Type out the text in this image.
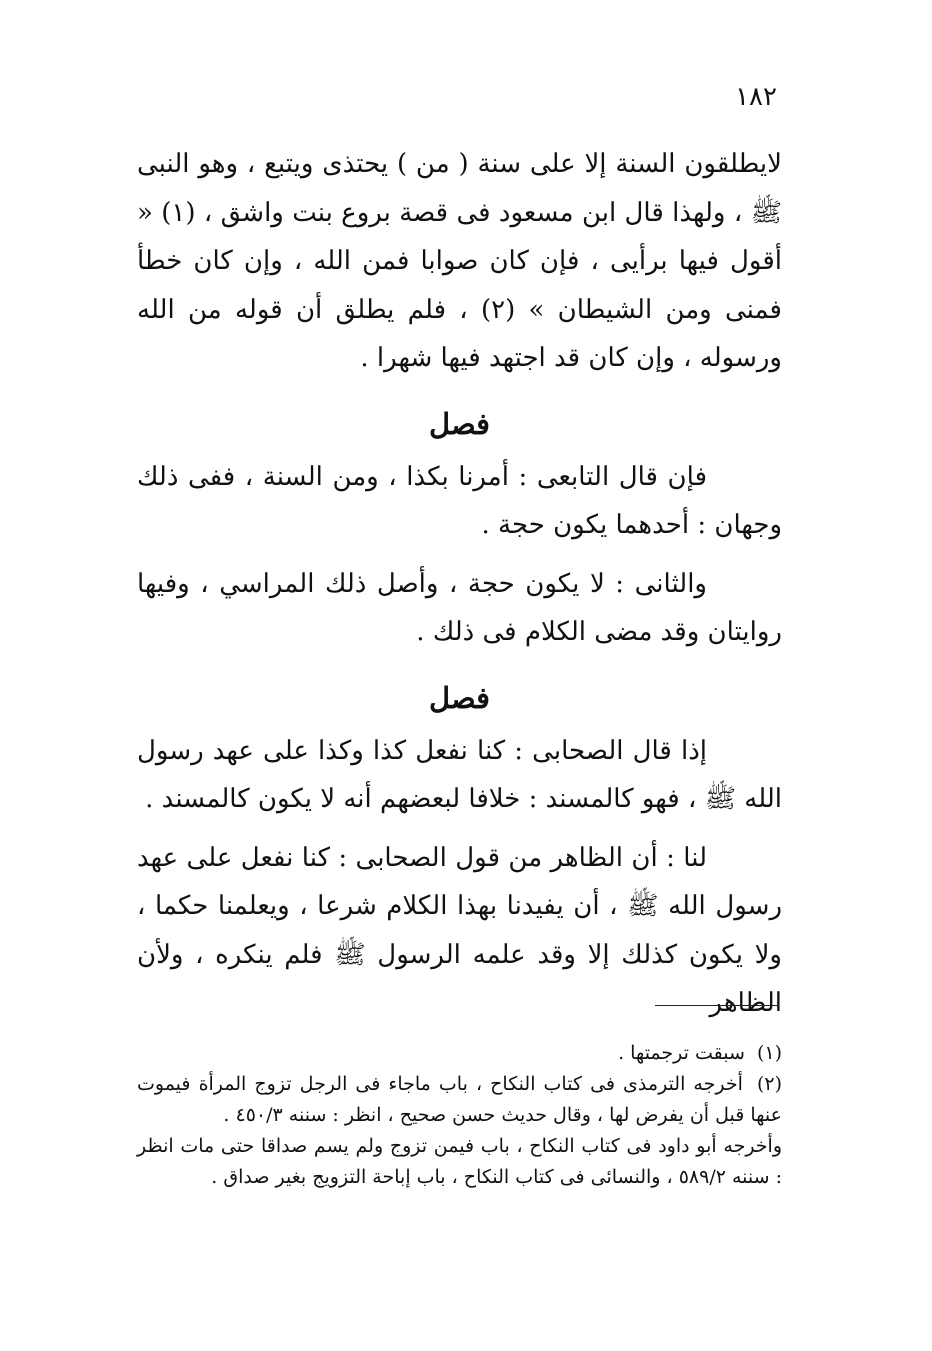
١٨٢

لايطلقون السنة إلا على سنة ( من ) يحتذى ويتبع ، وهو النبى ﷺ ، ولهذا قال ابن مسعود فى قصة بروع بنت واشق ، (١) « أقول فيها برأيى ، فإن كان صوابا فمن الله ، وإن كان خطأ فمنى ومن الشيطان » (٢) ، فلم يطلق أن قوله من الله ورسوله ، وإن كان قد اجتهد فيها شهرا .

فصل

فإن قال التابعى : أمرنا بكذا ، ومن السنة ، ففى ذلك وجهان : أحدهما يكون حجة .

والثانى : لا يكون حجة ، وأصل ذلك المراسي ، وفيها روايتان وقد مضى الكلام فى ذلك .

فصل

إذا قال الصحابى : كنا نفعل كذا وكذا على عهد رسول الله ﷺ ، فهو كالمسند : خلافا لبعضهم أنه لا يكون كالمسند .

لنا : أن الظاهر من قول الصحابى : كنا نفعل على عهد رسول الله ﷺ ، أن يفيدنا بهذا الكلام شرعا ، ويعلمنا حكما ، ولا يكون كذلك إلا وقد علمه الرسول ﷺ فلم ينكره ، ولأن الظاهر

(١) سبقت ترجمتها .

(٢) أخرجه الترمذى فى كتاب النكاح ، باب ماجاء فى الرجل تزوج المرأة فيموت عنها قبل أن يفرض لها ، وقال حديث حسن صحيح ، انظر : سننه ٤٥٠/٣ .

وأخرجه أبو داود فى كتاب النكاح ، باب فيمن تزوج ولم يسم صداقا حتى مات انظر : سننه ٥٨٩/٢ ، والنسائى فى كتاب النكاح ، باب إباحة التزويج بغير صداق .
